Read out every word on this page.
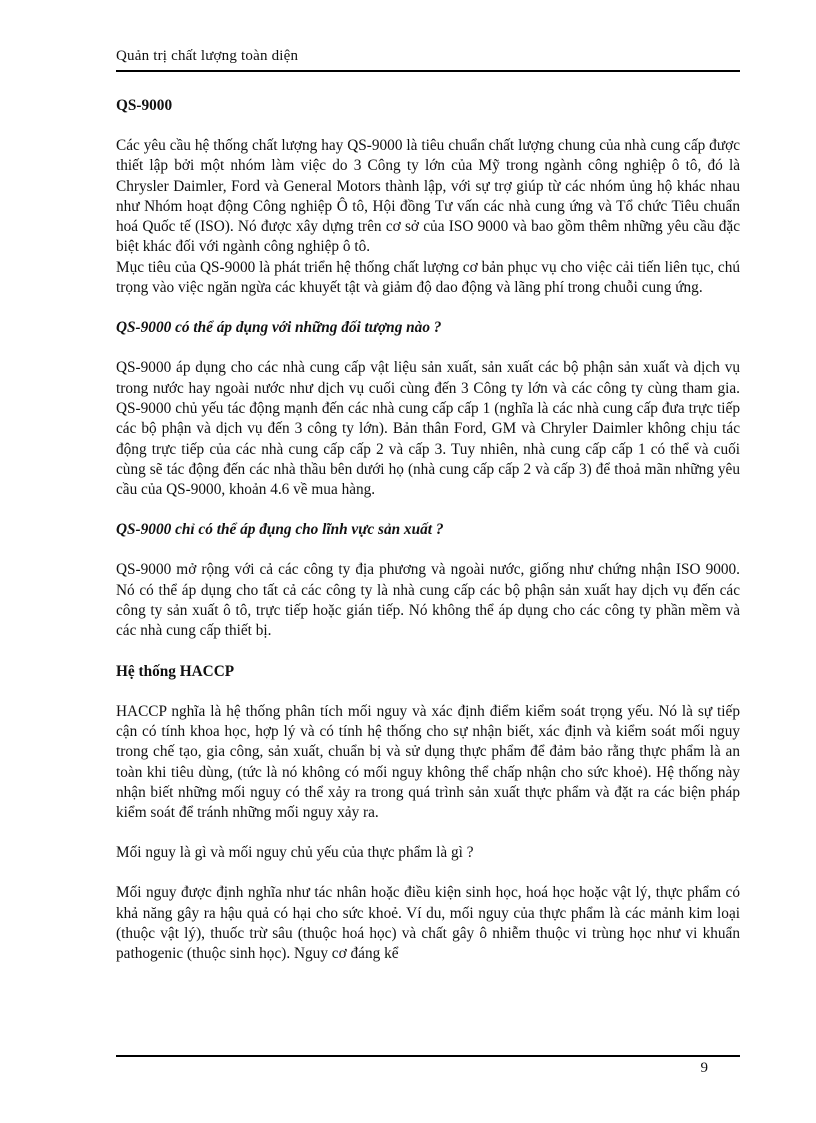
Quản trị chất lượng toàn diện

QS-9000

Các yêu cầu hệ thống chất lượng hay QS-9000 là tiêu chuẩn chất lượng chung của nhà cung cấp được thiết lập bởi một nhóm làm việc do 3 Công ty lớn của Mỹ trong ngành công nghiệp ô tô, đó là Chrysler Daimler, Ford và General Motors thành lập, với sự trợ giúp từ các nhóm ủng hộ khác nhau như Nhóm hoạt động Công nghiệp Ô tô, Hội đồng Tư vấn các nhà cung ứng và Tổ chức Tiêu chuẩn hoá Quốc tế (ISO). Nó được xây dựng trên cơ sở của ISO 9000 và bao gồm thêm những yêu cầu đặc biệt khác đối với ngành công nghiệp ô tô.

Mục tiêu của QS-9000 là phát triển hệ thống chất lượng cơ bản phục vụ cho việc cải tiến liên tục, chú trọng vào việc ngăn ngừa các khuyết tật và giảm độ dao động và lãng phí trong chuỗi cung ứng.

QS-9000 có thể áp dụng với những đối tượng nào ?

QS-9000 áp dụng cho các nhà cung cấp vật liệu sản xuất, sản xuất các bộ phận sản xuất và dịch vụ trong nước hay ngoài nước như dịch vụ cuối cùng đến 3 Công ty lớn và các công ty cùng tham gia. QS-9000 chủ yếu tác động mạnh đến các nhà cung cấp cấp 1 (nghĩa là các nhà cung cấp đưa trực tiếp các bộ phận và dịch vụ đến 3 công ty lớn). Bản thân Ford, GM và Chryler Daimler không chịu tác động trực tiếp của các nhà cung cấp cấp 2 và cấp 3. Tuy nhiên, nhà cung cấp cấp 1 có thể và cuối cùng sẽ tác động đến các nhà thầu bên dưới họ (nhà cung cấp cấp 2 và cấp 3) để thoả mãn những yêu cầu của QS-9000, khoản 4.6 về mua hàng.

QS-9000 chỉ có thể áp đụng cho lĩnh vực sản xuất ?

QS-9000 mở rộng với cả các công ty địa phương và ngoài nước, giống như chứng nhận ISO 9000. Nó có thể áp dụng cho tất cả các công ty là nhà cung cấp các bộ phận sản xuất hay dịch vụ đến các công ty sản xuất ô tô, trực tiếp hoặc gián tiếp. Nó không thể áp dụng cho các công ty phần mềm và các nhà cung cấp thiết bị.

Hệ thống HACCP

HACCP nghĩa là hệ thống phân tích mối nguy và xác định điểm kiểm soát trọng yếu. Nó là sự tiếp cận có tính khoa học, hợp lý và có tính hệ thống cho sự nhận biết, xác định và kiểm soát mối nguy trong chế tạo, gia công, sản xuất, chuẩn bị và sử dụng thực phẩm để đảm bảo rằng thực phẩm là an toàn khi tiêu dùng, (tức là nó không có mối nguy không thể chấp nhận cho sức khoẻ). Hệ thống này nhận biết những mối nguy có thể xảy ra trong quá trình sản xuất thực phẩm và đặt ra các biện pháp kiểm soát để tránh những mối nguy xảy ra.

Mối nguy là gì và mối nguy chủ yếu của thực phẩm là gì ?

Mối nguy được định nghĩa như tác nhân hoặc điều kiện sinh học, hoá học hoặc vật lý, thực phẩm có khả năng gây ra hậu quả có hại cho sức khoẻ. Ví du, mối nguy của thực phẩm là các mảnh kim loại (thuộc vật lý), thuốc trừ sâu (thuộc hoá học) và chất gây ô nhiễm thuộc vi trùng học như vi khuẩn pathogenic (thuộc sinh học). Nguy cơ đáng kể

9
